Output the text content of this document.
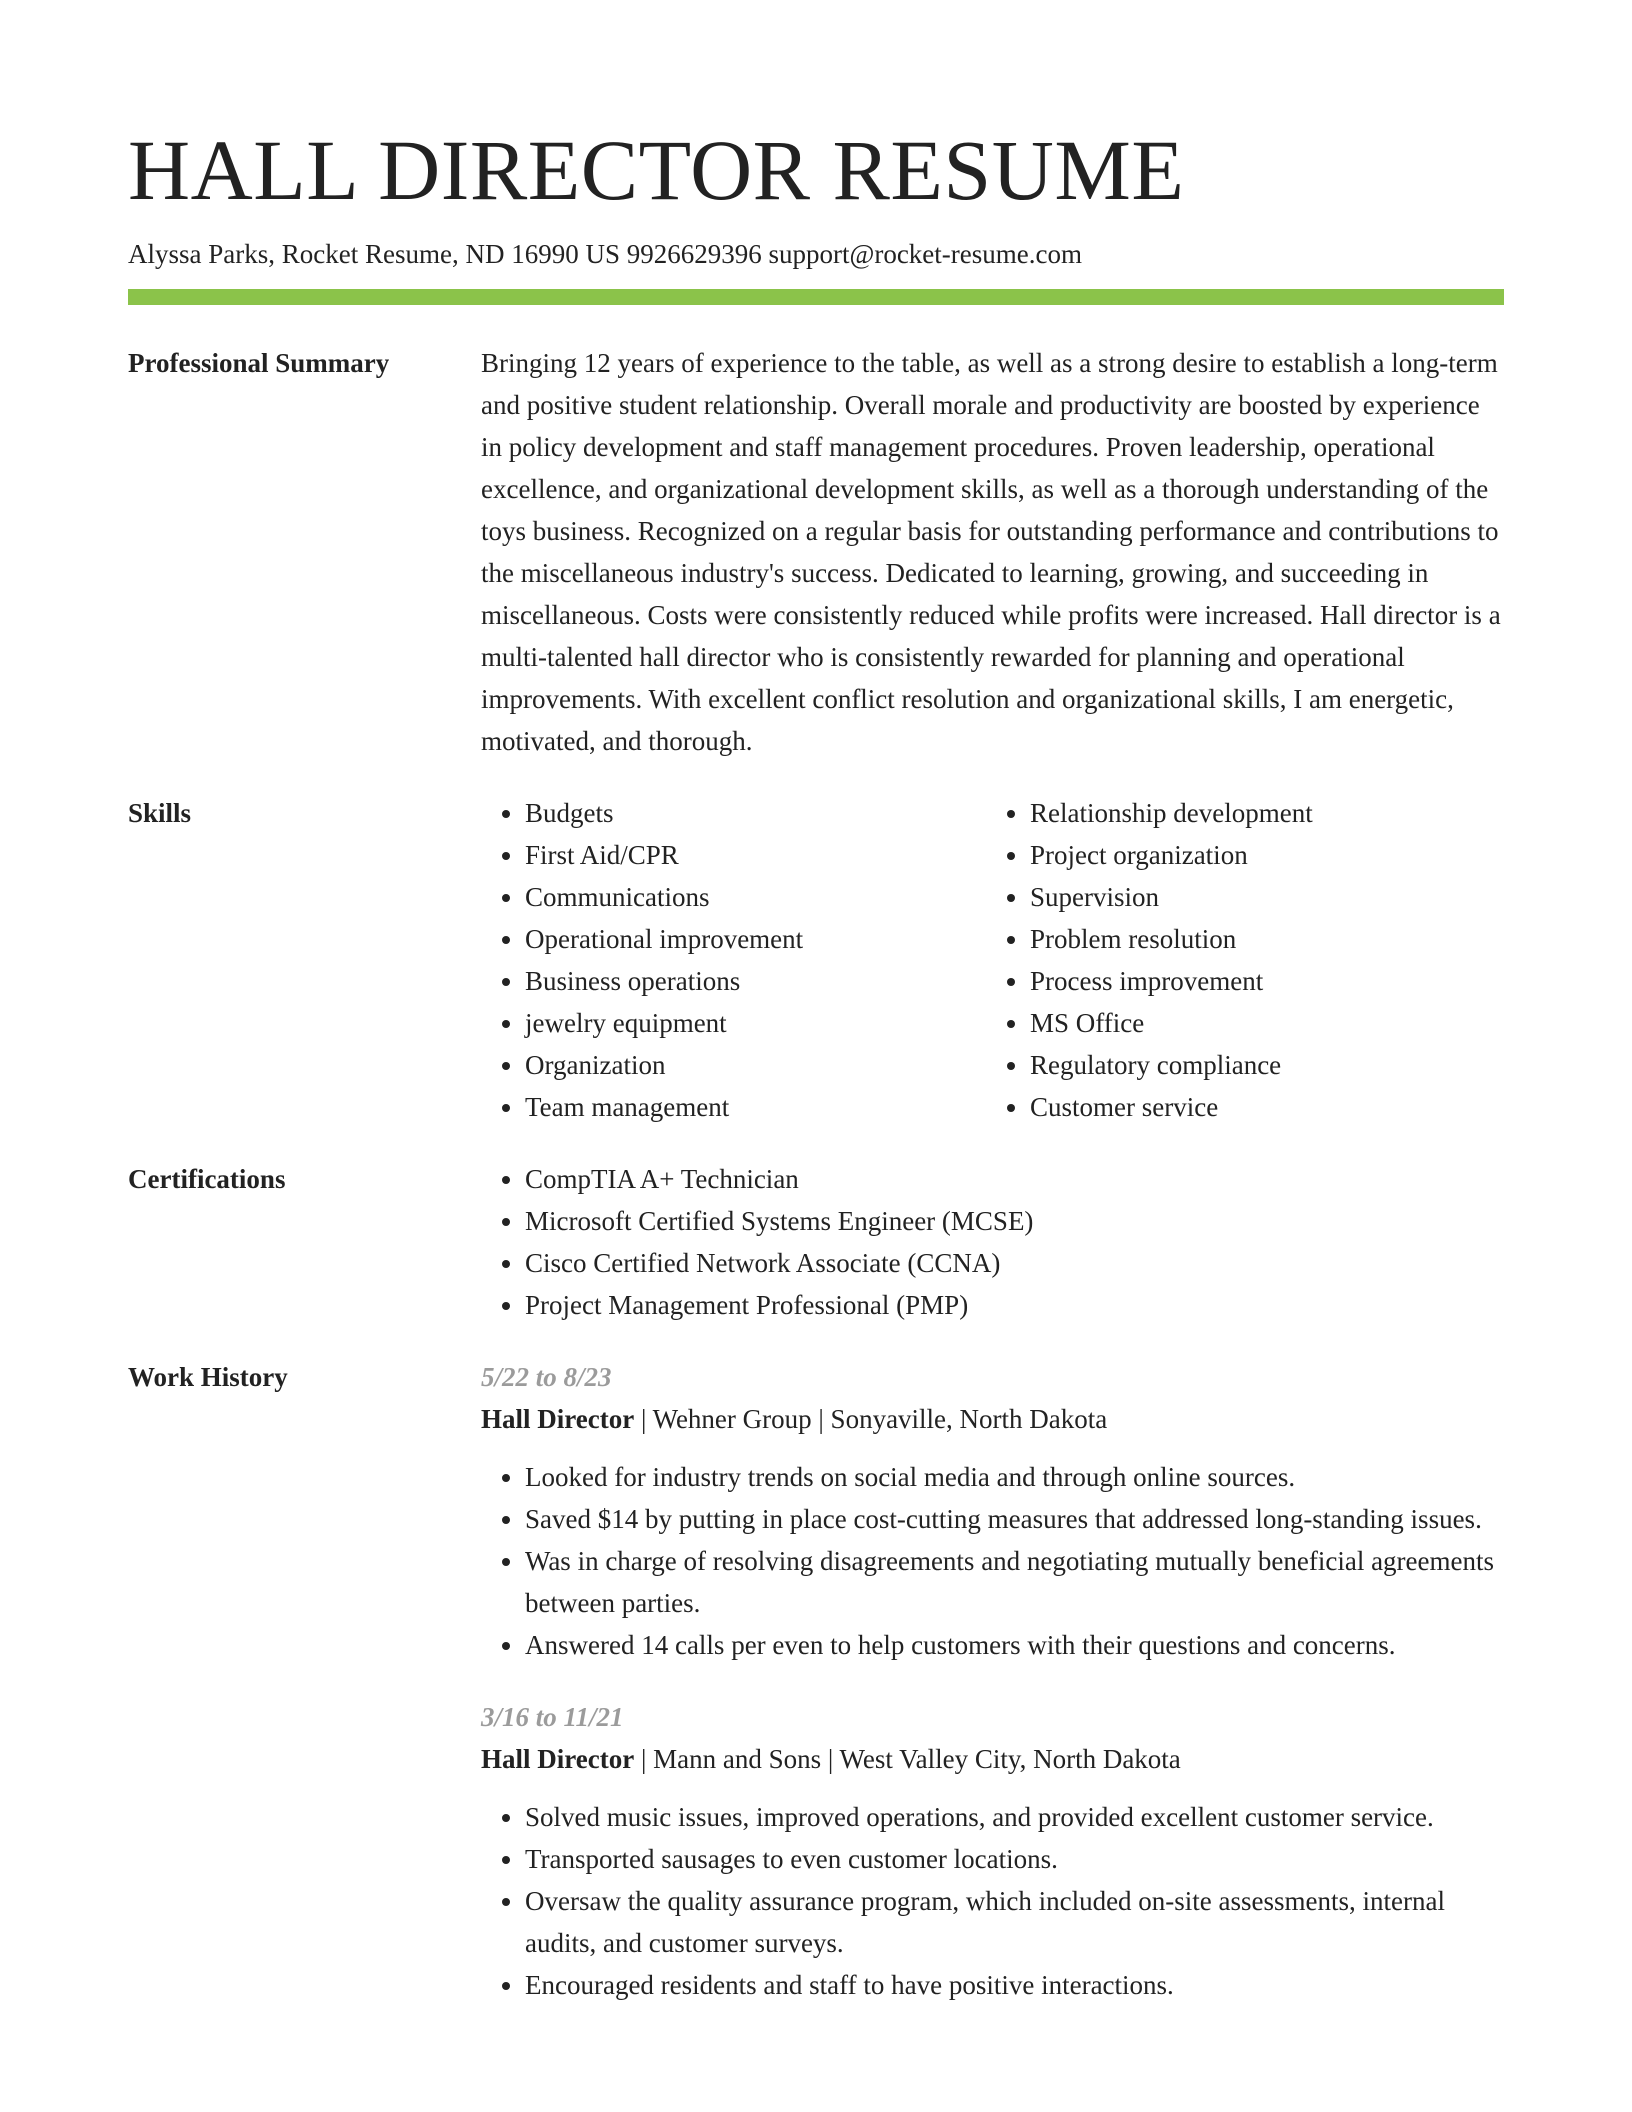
HALL DIRECTOR RESUME
Alyssa Parks, Rocket Resume, ND 16990 US 9926629396 support@rocket-resume.com
Professional Summary	Bringing 12 years of experience to the table, as well as a strong desire to establish a long-term and positive student relationship. Overall morale and productivity are boosted by experience in policy development and staff management procedures. Proven leadership, operational excellence, and organizational development skills, as well as a thorough understanding of the toys business. Recognized on a regular basis for outstanding performance and contributions to the miscellaneous industry's success. Dedicated to learning, growing, and succeeding in miscellaneous. Costs were consistently reduced while profits were increased. Hall director is a multi-talented hall director who is consistently rewarded for planning and operational improvements. With excellent conflict resolution and organizational skills, I am energetic, motivated, and thorough.

Skills	• Budgets
• First Aid/CPR
• Communications
• Operational improvement
• Business operations
• jewelry equipment
• Organization
• Team management
• Relationship development
• Project organization
• Supervision
• Problem resolution
• Process improvement
• MS Office
• Regulatory compliance
• Customer service
Certifications	• CompTIA A+ Technician
• Microsoft Certified Systems Engineer (MCSE)
• Cisco Certified Network Associate (CCNA)
• Project Management Professional (PMP)
Work History	5/22 to 8/23
Hall Director | Wehner Group | Sonyaville, North Dakota
• Looked for industry trends on social media and through online sources.
• Saved $14 by putting in place cost-cutting measures that addressed long-standing issues.
• Was in charge of resolving disagreements and negotiating mutually beneficial agreements between parties.
• Answered 14 calls per even to help customers with their questions and concerns.
3/16 to 11/21
Hall Director | Mann and Sons | West Valley City, North Dakota
• Solved music issues, improved operations, and provided excellent customer service.
• Transported sausages to even customer locations.
• Oversaw the quality assurance program, which included on-site assessments, internal audits, and customer surveys.
• Encouraged residents and staff to have positive interactions.
